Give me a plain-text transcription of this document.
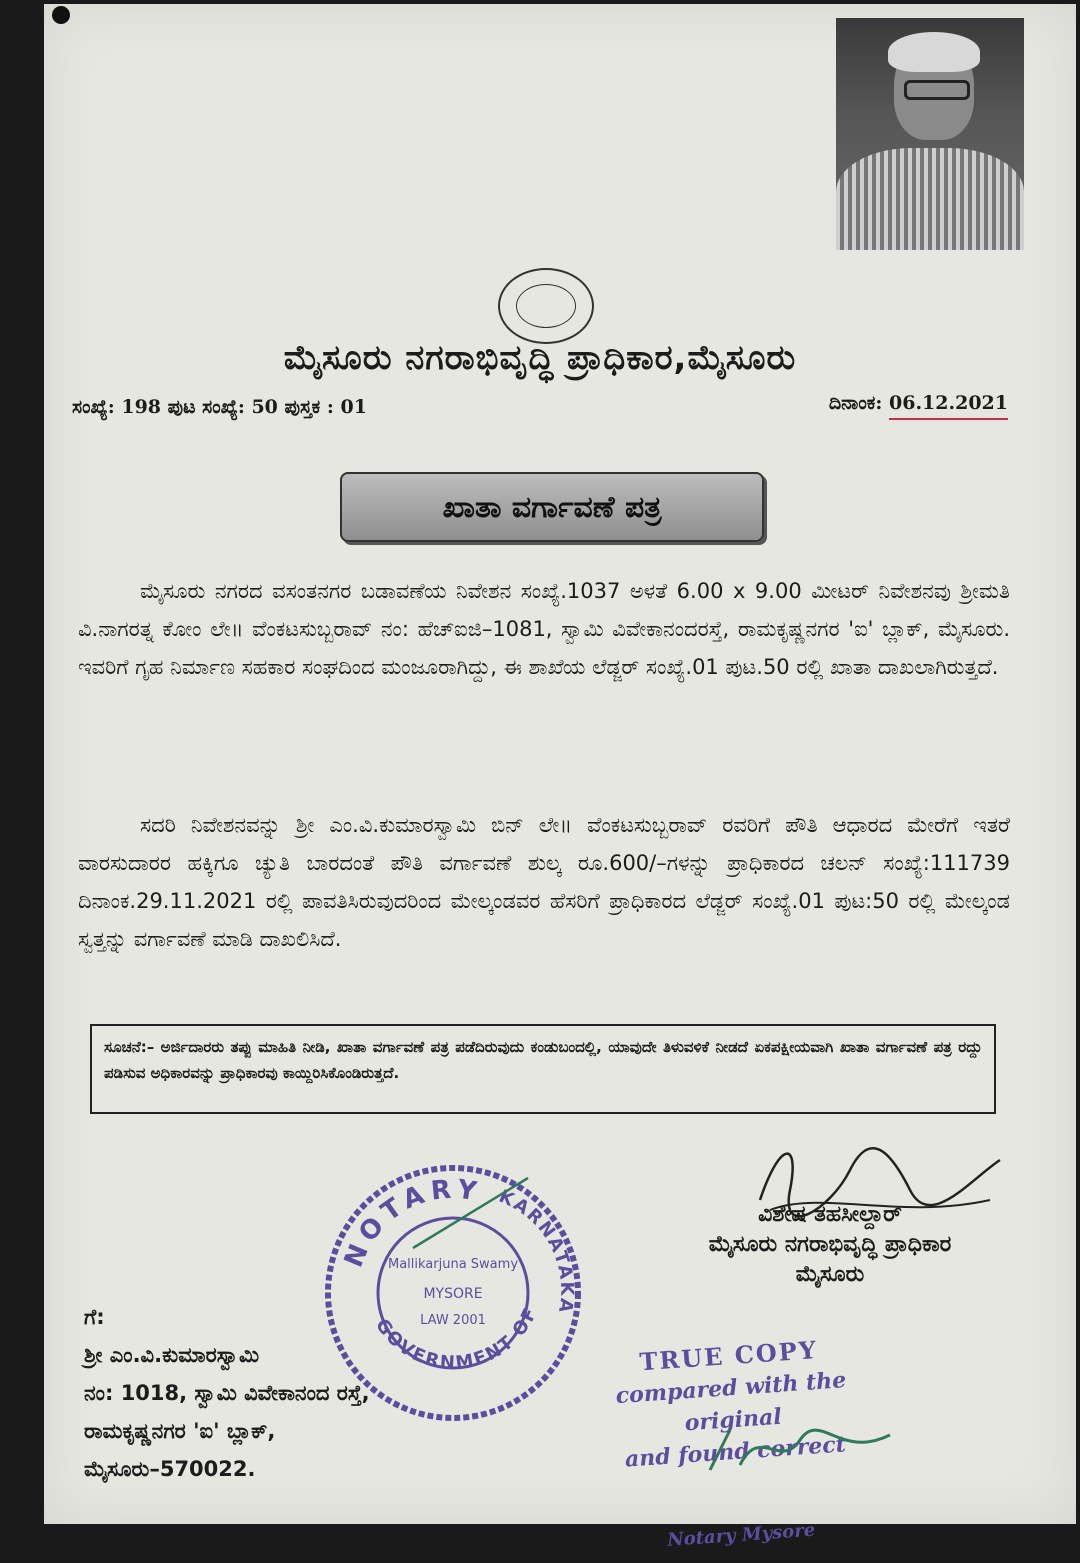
ಮೈಸೂರು ನಗರಾಭಿವೃದ್ಧಿ ಪ್ರಾಧಿಕಾರ,ಮೈಸೂರು
ಸಂಖ್ಯೆ: 198 ಪುಟ ಸಂಖ್ಯೆ: 50 ಪುಸ್ತಕ : 01	ದಿನಾಂಕ: 06.12.2021
ಖಾತಾ ವರ್ಗಾವಣೆ ಪತ್ರ
ಮೈಸೂರು ನಗರದ ವಸಂತನಗರ ಬಡಾವಣೆಯ ನಿವೇಶನ ಸಂಖ್ಯೆ.1037 ಅಳತೆ 6.00 x 9.00 ಮೀಟರ್ ನಿವೇಶನವು ಶ್ರೀಮತಿ ವಿ.ನಾಗರತ್ನ ಕೋಂ ಲೇ॥ ವೆಂಕಟಸುಬ್ಬರಾವ್ ನಂ: ಹೆಚ್‌ಐಜಿ–1081, ಸ್ವಾಮಿ ವಿವೇಕಾನಂದರಸ್ತೆ, ರಾಮಕೃಷ್ಣನಗರ 'ಐ' ಬ್ಲಾಕ್, ಮೈಸೂರು. ಇವರಿಗೆ ಗೃಹ ನಿರ್ಮಾಣ ಸಹಕಾರ ಸಂಘದಿಂದ ಮಂಜೂರಾಗಿದ್ದು, ಈ ಶಾಖೆಯ ಲೆಡ್ಜರ್ ಸಂಖ್ಯೆ.01 ಪುಟ.50 ರಲ್ಲಿ ಖಾತಾ ದಾಖಲಾಗಿರುತ್ತದೆ.
ಸದರಿ ನಿವೇಶನವನ್ನು ಶ್ರೀ ಎಂ.ವಿ.ಕುಮಾರಸ್ವಾಮಿ ಬಿನ್ ಲೇ॥ ವೆಂಕಟಸುಬ್ಬರಾವ್ ರವರಿಗೆ ಪೌತಿ ಆಧಾರದ ಮೇರೆಗೆ ಇತರೆ ವಾರಸುದಾರರ ಹಕ್ಕಿಗೂ ಚ್ಯುತಿ ಬಾರದಂತೆ ಪೌತಿ ವರ್ಗಾವಣೆ ಶುಲ್ಕ ರೂ.600/–ಗಳನ್ನು ಪ್ರಾಧಿಕಾರದ ಚಲನ್ ಸಂಖ್ಯೆ:111739 ದಿನಾಂಕ.29.11.2021 ರಲ್ಲಿ ಪಾವತಿಸಿರುವುದರಿಂದ ಮೇಲ್ಕಂಡವರ ಹೆಸರಿಗೆ ಪ್ರಾಧಿಕಾರದ ಲೆಡ್ಜರ್ ಸಂಖ್ಯೆ.01 ಪುಟ:50 ರಲ್ಲಿ ಮೇಲ್ಕಂಡ ಸ್ವತ್ತನ್ನು ವರ್ಗಾವಣೆ ಮಾಡಿ ದಾಖಲಿಸಿದೆ.
ಸೂಚನೆ:– ಅರ್ಜಿದಾರರು ತಪ್ಪು ಮಾಹಿತಿ ನೀಡಿ, ಖಾತಾ ವರ್ಗಾವಣೆ ಪತ್ರ ಪಡೆದಿರುವುದು ಕಂಡುಬಂದಲ್ಲಿ, ಯಾವುದೇ ತಿಳುವಳಿಕೆ ನೀಡದೆ ಏಕಪಕ್ಷೀಯವಾಗಿ ಖಾತಾ ವರ್ಗಾವಣೆ ಪತ್ರ ರದ್ದು ಪಡಿಸುವ ಅಧಿಕಾರವನ್ನು ಪ್ರಾಧಿಕಾರವು ಕಾಯ್ದಿರಿಸಿಕೊಂಡಿರುತ್ತದೆ.
ವಿಶೇಷ ತಹಸೀಲ್ದಾರ್
ಮೈಸೂರು ನಗರಾಭಿವೃದ್ಧಿ ಪ್ರಾಧಿಕಾರ
ಮೈಸೂರು
NOTARY KARNATAKA
GOVERNMENT OF
Mallikarjuna Swamy
MYSORE
LAW 2001
ಗೆ:
ಶ್ರೀ ಎಂ.ವಿ.ಕುಮಾರಸ್ವಾಮಿ
ನಂ: 1018, ಸ್ವಾಮಿ ವಿವೇಕಾನಂದ ರಸ್ತೆ,
ರಾಮಕೃಷ್ಣನಗರ 'ಐ' ಬ್ಲಾಕ್,
ಮೈಸೂರು–570022.
TRUE COPY
compared with the original
and found correct
Notary Mysore
